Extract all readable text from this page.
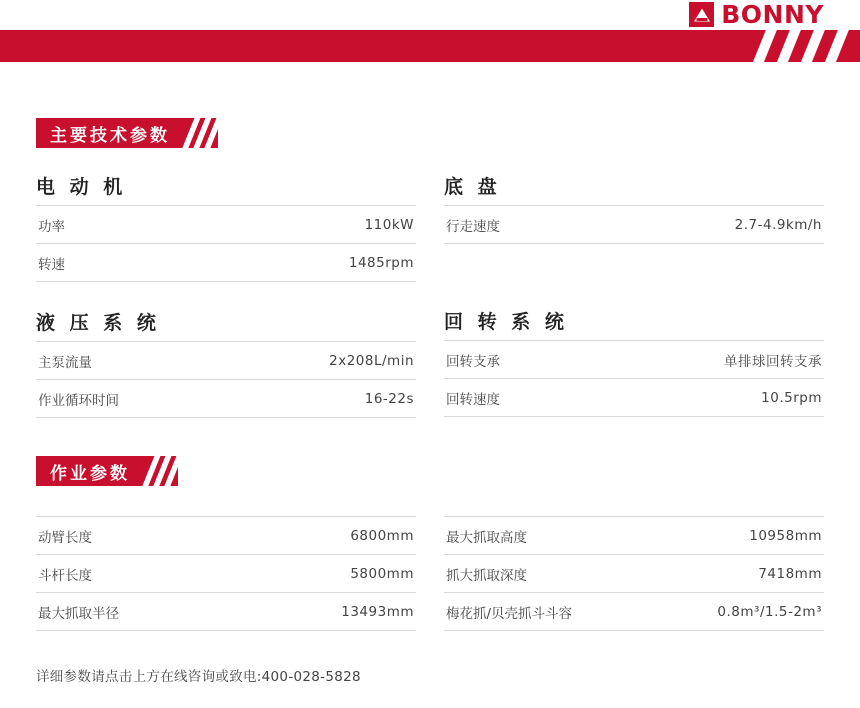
BONNY
主要技术参数
电 动 机
功率	110kW
转速	1485rpm
液 压 系 统
主泵流量	2x208L/min
作业循环时间	16-22s
底 盘
行走速度	2.7-4.9km/h
回 转 系 统
回转支承	单排球回转支承
回转速度	10.5rpm
作业参数
动臂长度	6800mm
斗杆长度	5800mm
最大抓取半径	13493mm
最大抓取高度	10958mm
抓大抓取深度	7418mm
梅花抓/贝壳抓斗斗容	0.8m³/1.5-2m³
详细参数请点击上方在线咨询或致电:400-028-5828
